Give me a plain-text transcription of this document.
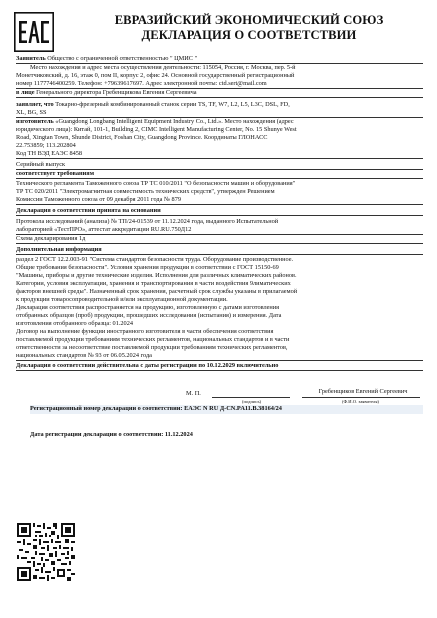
ЕВРАЗИЙСКИЙ ЭКОНОМИЧЕСКИЙ СОЮЗ
ДЕКЛАРАЦИЯ О СООТВЕТСТВИИ
Заявитель Общество с ограниченной ответственностью " ЦМИС "
Место нахождения и адрес места осуществления деятельности: 115054, Россия, г. Москва, пер. 5-й
Монетчиковский, д. 16, этаж 0, пом II, корпус 2, офис 24. Основной государственный регистрационный
номер 1177746400259. Телефон: +79639617697. Адрес электронной почты: ctd.sert@mail.com
в лице Генерального директора Гребенщикова Евгения Сергеевича
заявляет, что Токарно-фрезерный комбинированный станок серии TS, TF, W7, L2, L5, L3C, DSL, FD,
XL, BG, SS
изготовитель «Guangdong Longbang Intelligent Equipment Industry Co., Ltd.». Место нахождения (адрес
юридического лица): Китай, 101-1, Building 2, CIMC Intelligent Manufacturing Center, No. 15 Shunye West
Road, Xingtan Town, Shunde District, Foshan City, Guangdong Province. Координаты ГЛОНАСС
22.753859; 113.202804
Код ТН ВЭД ЕАЭС 8458
Серийный выпуск
соответствует требованиям
Технического регламента Таможенного союза ТР ТС 010/2011 "О безопасности машин и оборудования"
ТР ТС 020/2011 "Электромагнитная совместимость технических средств", утвержден Решением
Комиссии Таможенного союза от 09 декабря 2011 года № 879
Декларация о соответствии принята на основании
Протокола исследований (анализа) № ТП/24-01539 от 11.12.2024 года, выданного Испытательной
лабораторией «ТестПРО», аттестат аккредитации RU.RU.750Д12
Схема декларирования 1д
Дополнительная информация
раздел 2 ГОСТ 12.2.003-91 "Система стандартов безопасности труда. Оборудование производственное.
Общие требования безопасности". Условия хранения продукции в соответствии с ГОСТ 15150-69
"Машины, приборы и другие технические изделия. Исполнения для различных климатических районов.
Категории, условия эксплуатации, хранения и транспортирования в части воздействия 9лиматических
факторов внешней среды". Назначенный срок хранения, расчетный срок службы указаны в прилагаемой
к продукции товаросопроводительной и/или эксплуатационной документации.
Декларация соответствия распространяется на продукцию, изготовленную с датами изготовления
отобранных образцов (проб) продукции, прошедших исследования (испытания) и измерения. Дата
изготовления отобранного образца: 01.2024
Договор на выполнение функции иностранного изготовителя в части обеспечения соответствия
поставляемой продукции требованиям технических регламентов, национальных стандартов и в части
ответственности за несоответствие поставляемой продукции требованиям технических регламентов,
национальных стандартов № 93 от 06.05.2024 года
Декларация о соответствии действительна с даты регистрации по 10.12.2029 включительно
М. П.	Гребенщиков Евгений Сергеевич
(подпись)	(Ф.И.О. заявителя)
Регистрационный номер декларации о соответствии: ЕАЭС N RU Д-CN.PA11.B.38164/24
Дата регистрации декларации о соответствии: 11.12.2024
